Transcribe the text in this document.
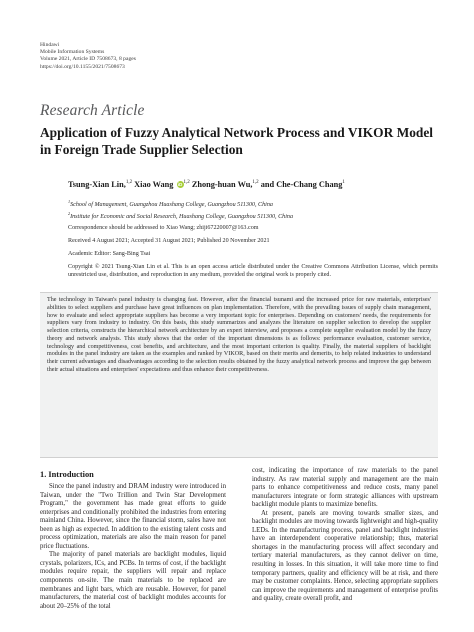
Hindawi
Mobile Information Systems
Volume 2021, Article ID 7508673, 8 pages
https://doi.org/10.1155/2021/7508673
Research Article
Application of Fuzzy Analytical Network Process and VIKOR Model in Foreign Trade Supplier Selection
Tsung-Xian Lin,$^{1,2}$ Xiao Wang iD$^{1,2}$ Zhong-huan Wu,$^{1,2}$ and Che-Chang Chang$^1$
$^1$School of Management, Guangzhou Huashang College, Guangzhou 511300, China
$^2$Institute for Economic and Social Research, Huashang College, Guangzhou 511300, China
Correspondence should be addressed to Xiao Wang; zhiji67220007@163.com
Received 4 August 2021; Accepted 31 August 2021; Published 20 November 2021
Academic Editor: Sang-Bing Tsai
Copyright © 2021 Tsung-Xian Lin et al. This is an open access article distributed under the Creative Commons Attribution License, which permits unrestricted use, distribution, and reproduction in any medium, provided the original work is properly cited.

The technology in Taiwan's panel industry is changing fast. However, after the financial tsunami and the increased price for raw materials, enterprises' abilities to select suppliers and purchase have great influences on plan implementation. Therefore, with the prevailing issues of supply chain management, how to evaluate and select appropriate suppliers has become a very important topic for enterprises. Depending on customers' needs, the requirements for suppliers vary from industry to industry. On this basis, this study summarizes and analyzes the literature on supplier selection to develop the supplier selection criteria, constructs the hierarchical network architecture by an expert interview, and proposes a complete supplier evaluation model by the fuzzy theory and network analysis. This study shows that the order of the important dimensions is as follows: performance evaluation, customer service, technology and competitiveness, cost benefits, and architecture, and the most important criterion is quality. Finally, the material suppliers of backlight modules in the panel industry are taken as the examples and ranked by VIKOR, based on their merits and demerits, to help related industries to understand their current advantages and disadvantages according to the selection results obtained by the fuzzy analytical network process and improve the gap between their actual situations and enterprises' expectations and thus enhance their competitiveness.

1. Introduction

Since the panel industry and DRAM industry were introduced in Taiwan, under the "Two Trillion and Twin Star Development Program," the government has made great efforts to guide enterprises and conditionally prohibited the industries from entering mainland China. However, since the financial storm, sales have not been as high as expected. In addition to the existing talent costs and process optimization, materials are also the main reason for panel price fluctuations.

The majority of panel materials are backlight modules, liquid crystals, polarizers, ICs, and PCBs. In terms of cost, if the backlight modules require repair, the suppliers will repair and replace components on-site. The main materials to be replaced are membranes and light bars, which are reusable. However, for panel manufacturers, the material cost of backlight modules accounts for about 20–25% of the total

cost, indicating the importance of raw materials to the panel industry. As raw material supply and management are the main parts to enhance competitiveness and reduce costs, many panel manufacturers integrate or form strategic alliances with upstream backlight module plants to maximize benefits.

At present, panels are moving towards smaller sizes, and backlight modules are moving towards lightweight and high-quality LEDs. In the manufacturing process, panel and backlight industries have an interdependent cooperative relationship; thus, material shortages in the manufacturing process will affect secondary and tertiary material manufacturers, as they cannot deliver on time, resulting in losses. In this situation, it will take more time to find temporary partners, quality and efficiency will be at risk, and there may be customer complaints. Hence, selecting appropriate suppliers can improve the requirements and management of enterprise profits and quality, create overall profit, and
